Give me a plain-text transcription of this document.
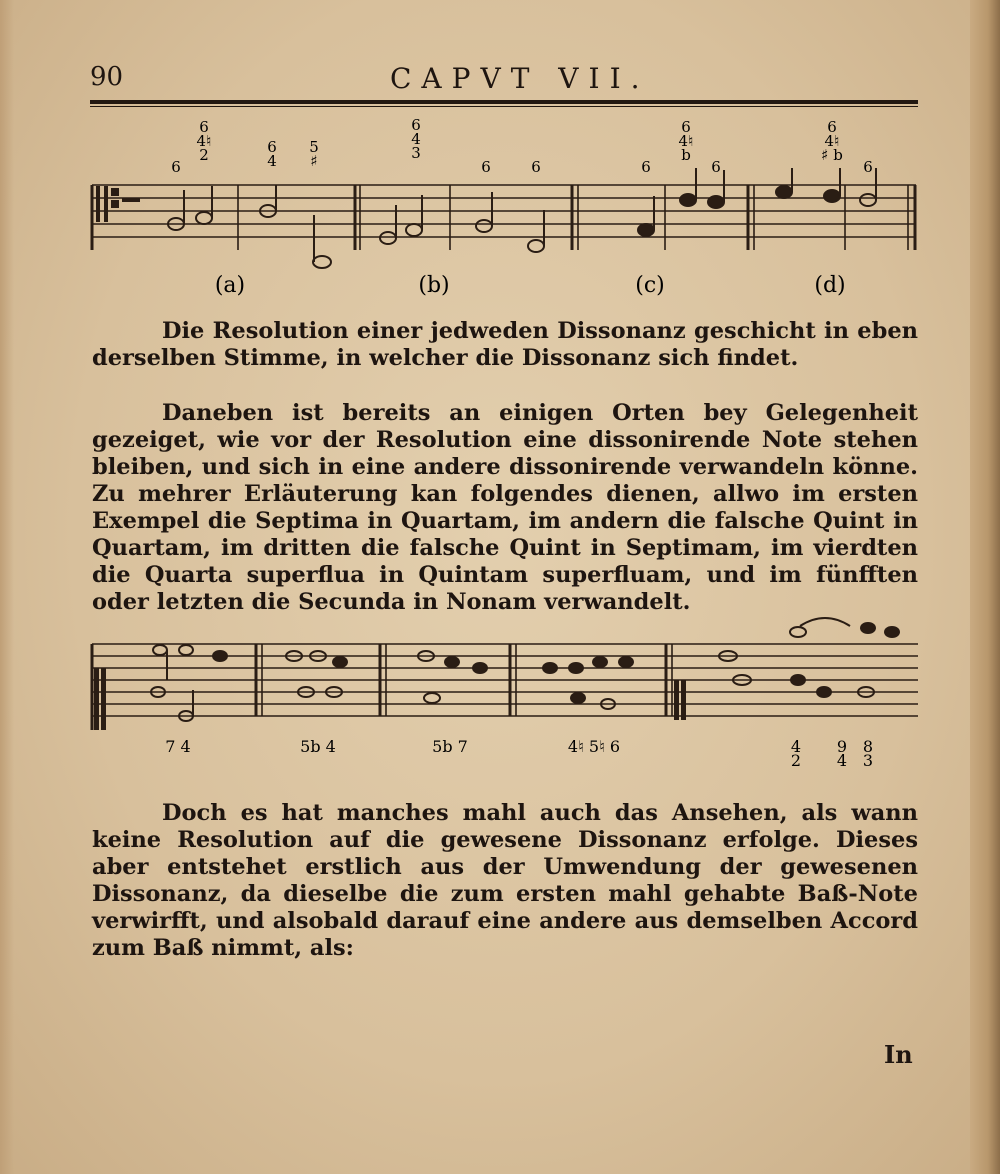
90	CAPVT VII.
6
6 4♮ 2	6 4
5 ♯
6 4 3
6	6	6
6 4♮ b
6
6 4♮ ♯ b
6
(a)	(b)	(c)	(d)

Die Resolution einer jedweden Dissonanz geschicht in eben derselben Stimme, in welcher die Dissonanz sich findet.

Daneben ist bereits an einigen Orten bey Gelegenheit gezeiget, wie vor der Resolution eine dissonirende Note stehen bleiben, und sich in eine andere dissonirende verwandeln könne. Zu mehrer Erläuterung kan folgendes dienen, allwo im ersten Exempel die Septima in Quartam, im andern die falsche Quint in Quartam, im dritten die falsche Quint in Septimam, im vierdten die Quarta superflua in Quintam superfluam, und im fünfften oder letzten die Secunda in Nonam verwandelt.

7 4	5b 4	5b 7	4♮ 5♮ 6	4 2
9 4
8 3

Doch es hat manches mahl auch das Ansehen, als wann keine Resolution auf die gewesene Dissonanz erfolge. Dieses aber entstehet erstlich aus der Umwendung der gewesenen Dissonanz, da dieselbe die zum ersten mahl gehabte Baß-Note verwirfft, und alsobald darauf eine andere aus demselben Accord zum Baß nimmt, als:

In
